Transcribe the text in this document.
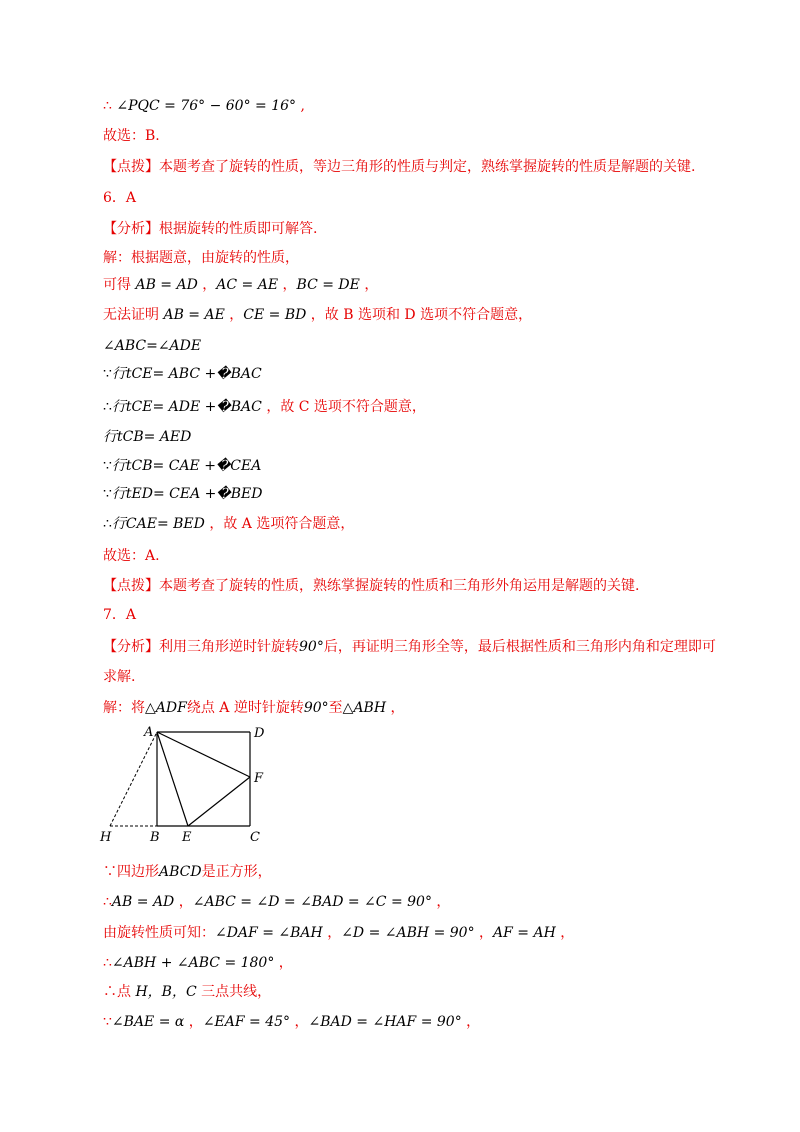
∴ ∠PQC = 76° − 60° = 16° ,
故选：B.
【点拨】本题考查了旋转的性质，等边三角形的性质与判定，熟练掌握旋转的性质是解题的关键.
6．A
【分析】根据旋转的性质即可解答.
解：根据题意，由旋转的性质，
可得 AB = AD ，AC = AE ，BC = DE ，
无法证明 AB = AE ，CE = BD ，故 B 选项和 D 选项不符合题意，
∠ABC=∠ADE
∵行tCE= ABC +�BAC
∴行tCE= ADE +�BAC ，故 C 选项不符合题意，
行tCB= AED
∵行tCB= CAE +�CEA
∵行tED= CEA +�BED
∴行CAE= BED ，故 A 选项符合题意，
故选：A.
【点拨】本题考查了旋转的性质，熟练掌握旋转的性质和三角形外角运用是解题的关键.
7．A
【分析】利用三角形逆时针旋转90°后，再证明三角形全等，最后根据性质和三角形内角和定理即可
求解.
解：将△ADF绕点 A 逆时针旋转90°至△ABH ，
∵四边形ABCD是正方形，
∴AB = AD ，∠ABC = ∠D = ∠BAD = ∠C = 90° ，
由旋转性质可知：∠DAF = ∠BAH ，∠D = ∠ABH = 90° ，AF = AH ，
∴∠ABH + ∠ABC = 180° ，
∴点 H，B，C 三点共线，
∵∠BAE = α ，∠EAF = 45° ，∠BAD = ∠HAF = 90° ，
A	D
F
H	B E	C
